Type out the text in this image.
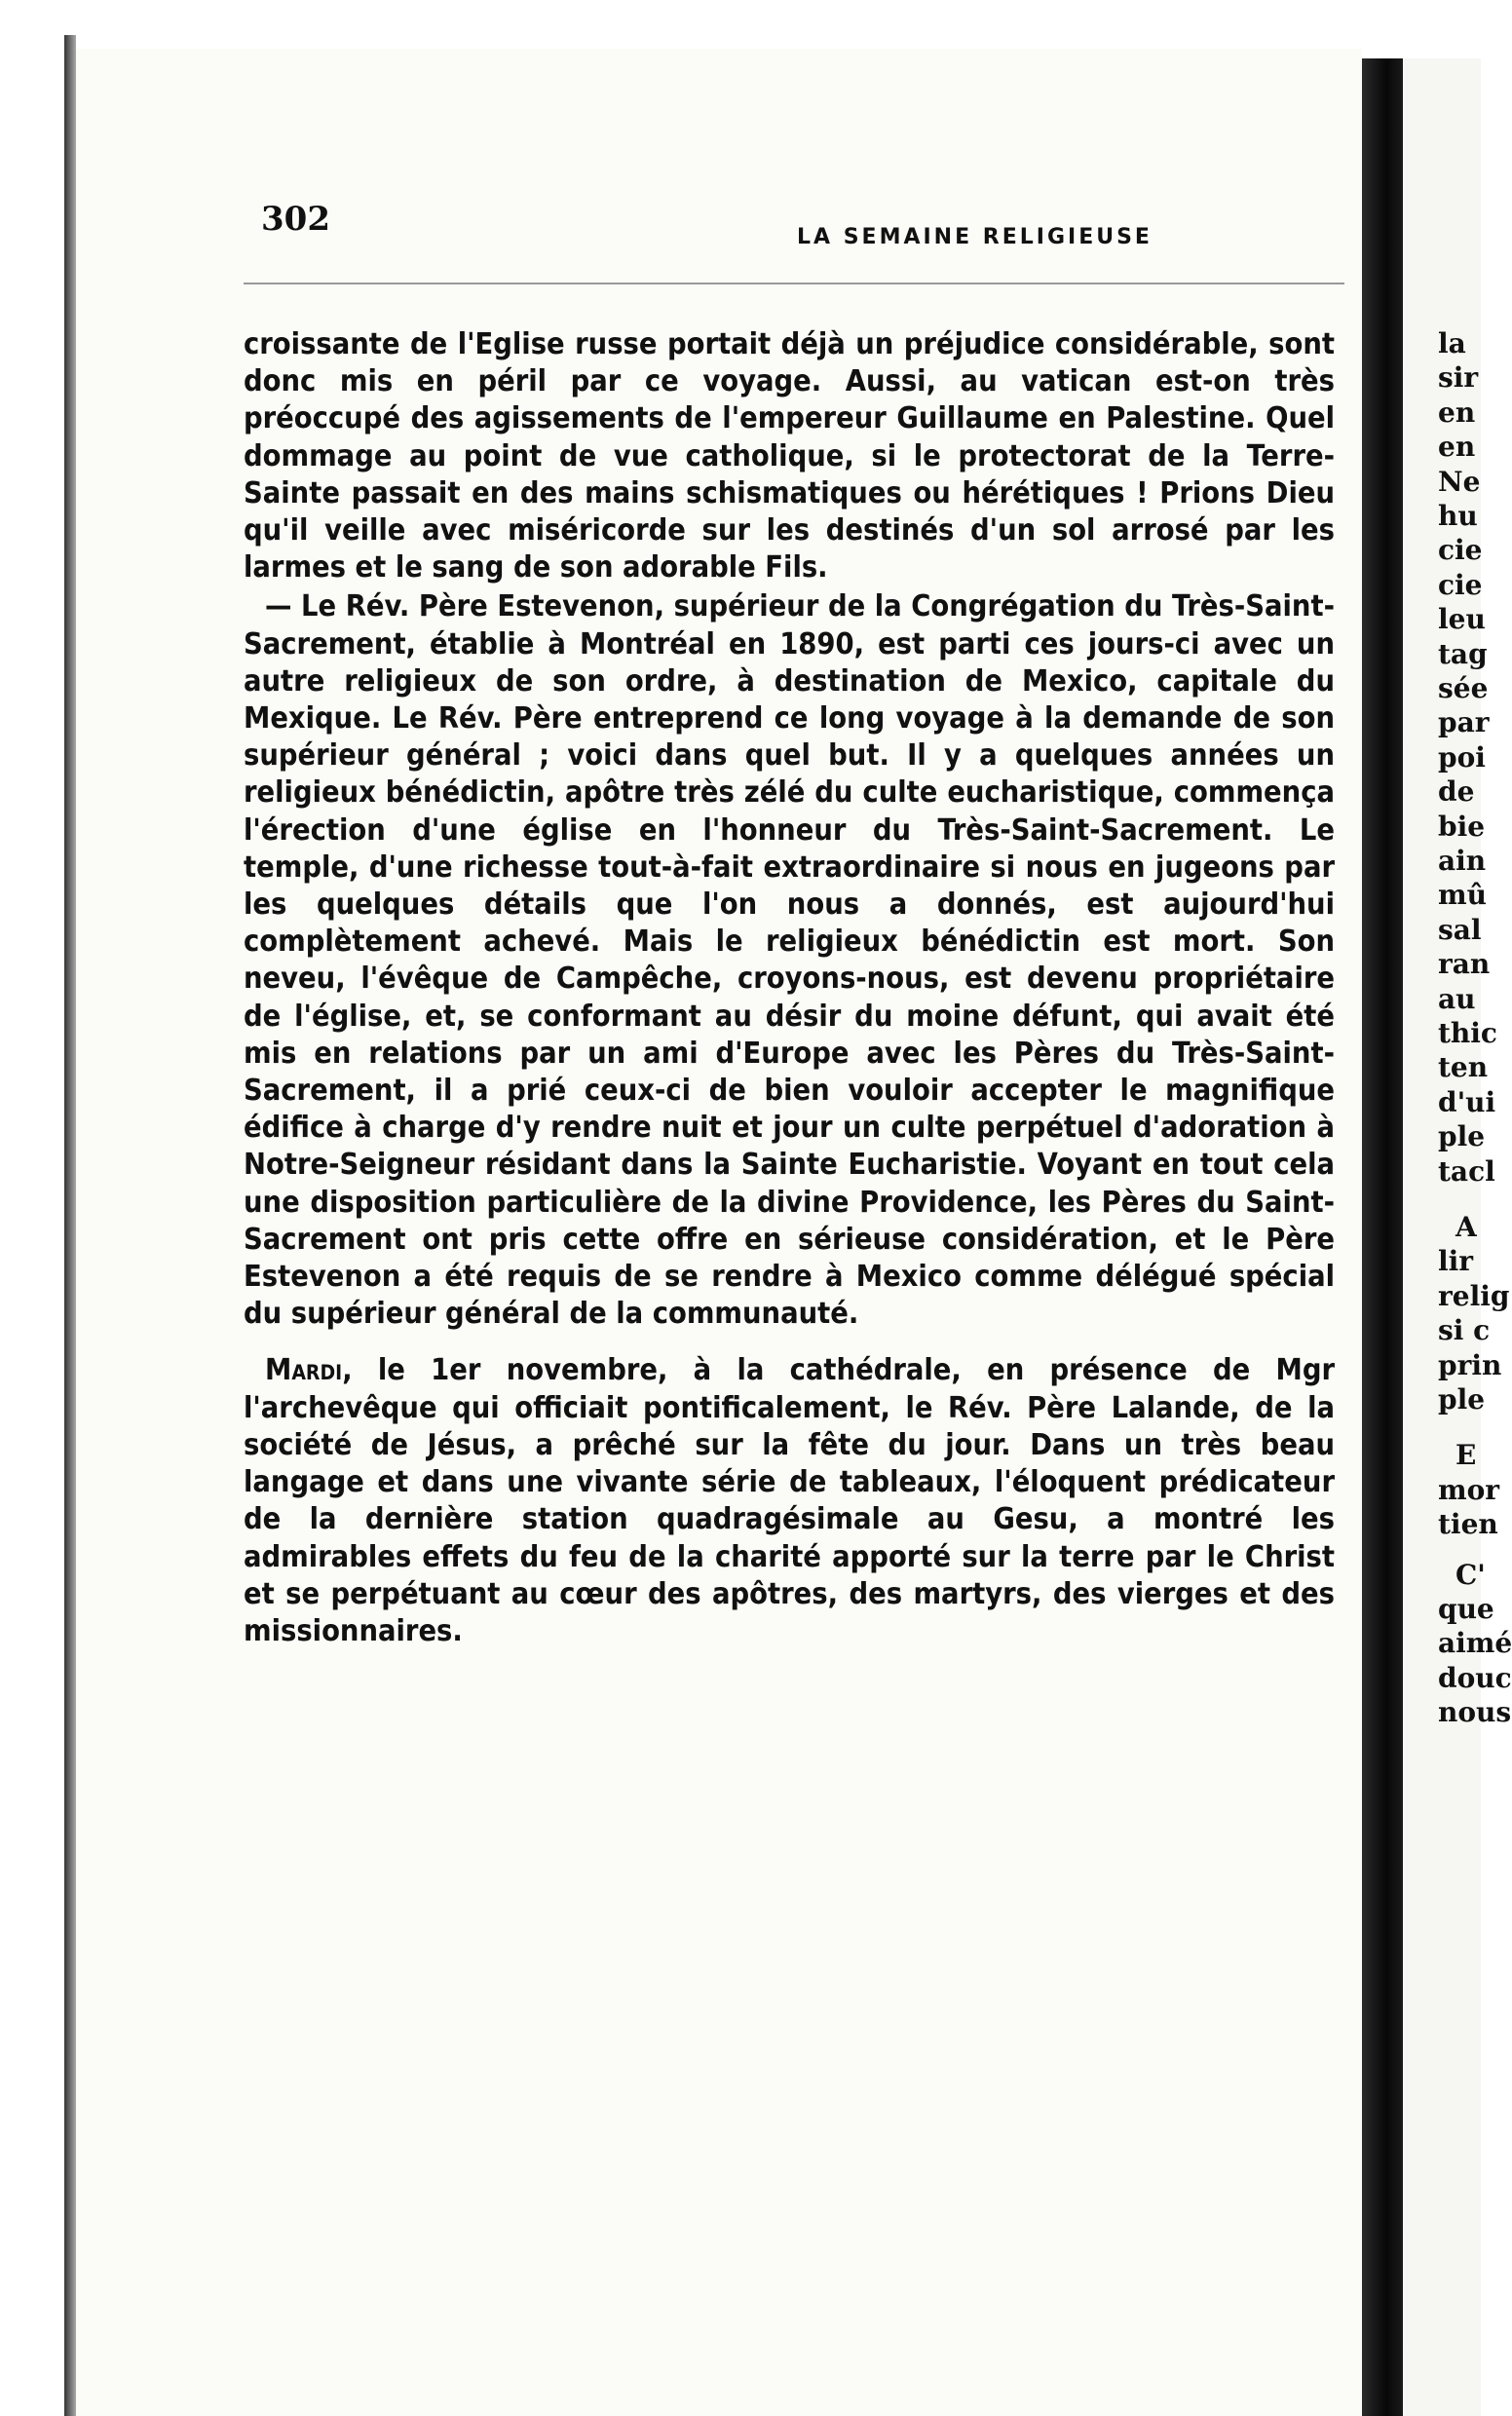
302	LA SEMAINE RELIGIEUSE

croissante de l'Eglise russe portait déjà un préjudice considérable, sont donc mis en péril par ce voyage. Aussi, au vatican est-on très préoccupé des agissements de l'empereur Guillaume en Palestine. Quel dommage au point de vue catholique, si le protectorat de la Terre-Sainte passait en des mains schismatiques ou hérétiques ! Prions Dieu qu'il veille avec miséricorde sur les destinés d'un sol arrosé par les larmes et le sang de son adorable Fils.

— Le Rév. Père Estevenon, supérieur de la Congrégation du Très-Saint-Sacrement, établie à Montréal en 1890, est parti ces jours-ci avec un autre religieux de son ordre, à destination de Mexico, capitale du Mexique. Le Rév. Père entreprend ce long voyage à la demande de son supérieur général ; voici dans quel but. Il y a quelques années un religieux bénédictin, apôtre très zélé du culte eucharistique, commença l'érection d'une église en l'honneur du Très-Saint-Sacrement. Le temple, d'une richesse tout-à-fait extraordinaire si nous en jugeons par les quelques détails que l'on nous a donnés, est aujourd'hui complètement achevé. Mais le religieux bénédictin est mort. Son neveu, l'évêque de Campêche, croyons-nous, est devenu propriétaire de l'église, et, se conformant au désir du moine défunt, qui avait été mis en relations par un ami d'Europe avec les Pères du Très-Saint-Sacrement, il a prié ceux-ci de bien vouloir accepter le magnifique édifice à charge d'y rendre nuit et jour un culte perpétuel d'adoration à Notre-Seigneur résidant dans la Sainte Eucharistie. Voyant en tout cela une disposition particulière de la divine Providence, les Pères du Saint-Sacrement ont pris cette offre en sérieuse considération, et le Père Estevenon a été requis de se rendre à Mexico comme délégué spécial du supérieur général de la communauté.

Mardi, le 1er novembre, à la cathédrale, en présence de Mgr l'archevêque qui officiait pontificalement, le Rév. Père Lalande, de la société de Jésus, a prêché sur la fête du jour. Dans un très beau langage et dans une vivante série de tableaux, l'éloquent prédicateur de la dernière station quadragésimale au Gesu, a montré les admirables effets du feu de la charité apporté sur la terre par le Christ et se perpétuant au cœur des apôtres, des martyrs, des vierges et des missionnaires.

la
sir
en
en
Ne
hu
cie
cie
leu
tag
sée
par
poi
de
bie
ain
mû
sal
ran
au
thic
ten
d'ui
ple
tacl
A
lir
relig
si c
prin
ple
E
mor
tien
C'
que
aimé
douc
nous
